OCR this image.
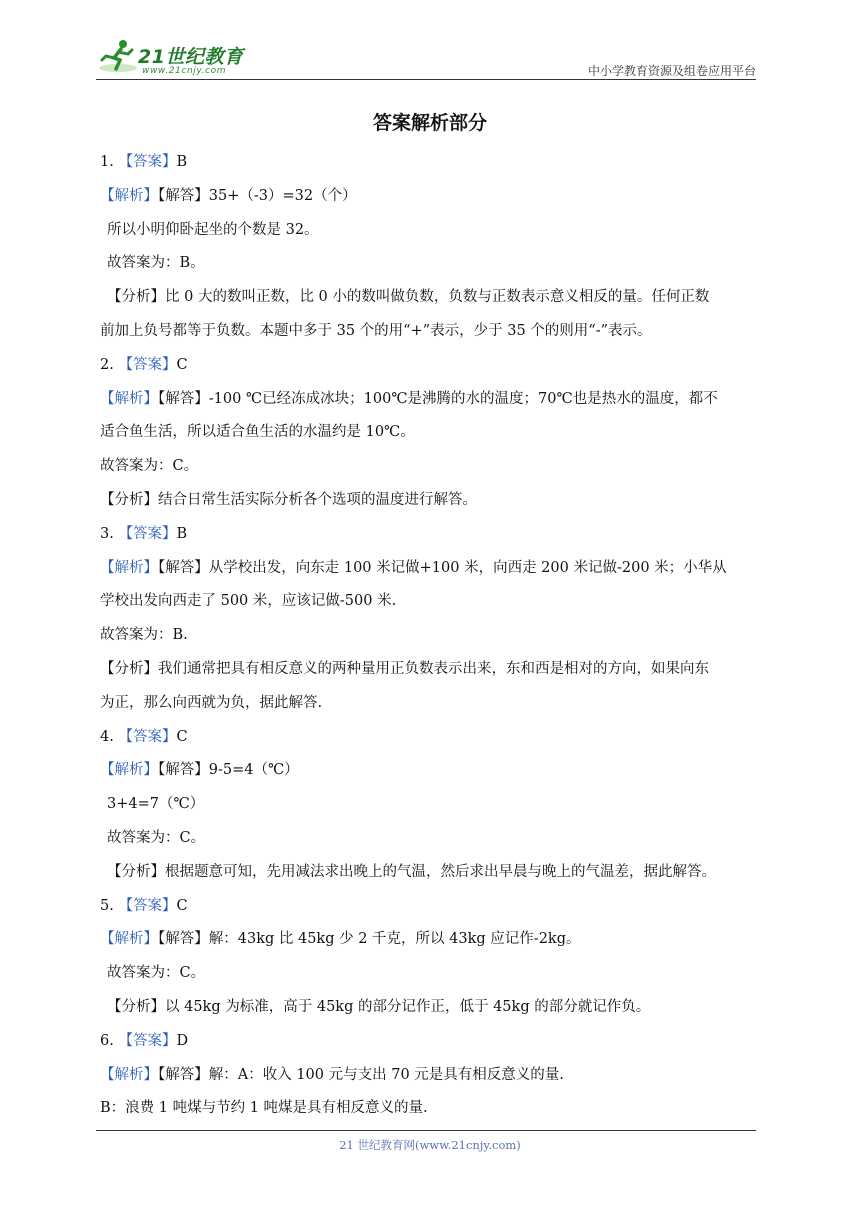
21世纪教育
www.21cnjy.com	中小学教育资源及组卷应用平台
答案解析部分
1. 【答案】B
【解析】【解答】35+（-3）=32（个）
所以小明仰卧起坐的个数是 32。
故答案为：B。
【分析】比 0 大的数叫正数，比 0 小的数叫做负数，负数与正数表示意义相反的量。任何正数
前加上负号都等于负数。本题中多于 35 个的用“+”表示，少于 35 个的则用“-”表示。
2. 【答案】C
【解析】【解答】-100 ℃已经冻成冰块；100℃是沸腾的水的温度；70℃也是热水的温度，都不
适合鱼生活，所以适合鱼生活的水温约是 10℃。
故答案为：C。
【分析】结合日常生活实际分析各个选项的温度进行解答。
3. 【答案】B
【解析】【解答】从学校出发，向东走 100 米记做+100 米，向西走 200 米记做-200 米；小华从
学校出发向西走了 500 米，应该记做-500 米.
故答案为：B.
【分析】我们通常把具有相反意义的两种量用正负数表示出来，东和西是相对的方向，如果向东
为正，那么向西就为负，据此解答.
4. 【答案】C
【解析】【解答】9-5=4（℃）
3+4=7（℃）
故答案为：C。
【分析】根据题意可知，先用减法求出晚上的气温，然后求出早晨与晚上的气温差，据此解答。
5. 【答案】C
【解析】【解答】解：43kg 比 45kg 少 2 千克，所以 43kg 应记作-2kg。
故答案为：C。
【分析】以 45kg 为标准，高于 45kg 的部分记作正，低于 45kg 的部分就记作负。
6. 【答案】D
【解析】【解答】解：A：收入 100 元与支出 70 元是具有相反意义的量.
B：浪费 1 吨煤与节约 1 吨煤是具有相反意义的量.
21 世纪教育网(www.21cnjy.com)
